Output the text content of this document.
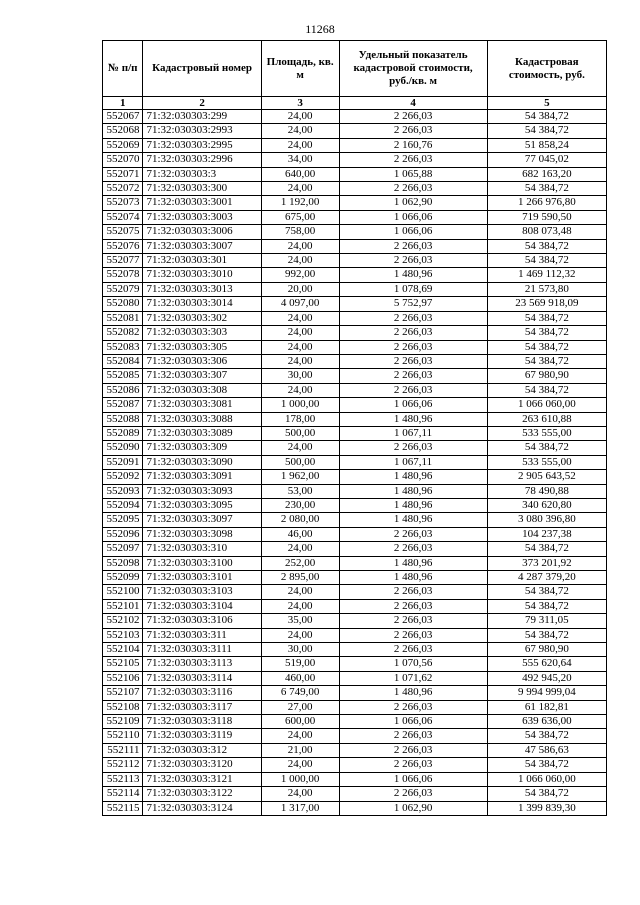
11268
№ п/п	Кадастровый номер	Площадь, кв. м	Удельный показатель кадастровой стоимости, руб./кв. м	Кадастровая стоимость, руб.
1	2	3	4	5
552067	71:32:030303:299	24,00	2 266,03	54 384,72
552068	71:32:030303:2993	24,00	2 266,03	54 384,72
552069	71:32:030303:2995	24,00	2 160,76	51 858,24
552070	71:32:030303:2996	34,00	2 266,03	77 045,02
552071	71:32:030303:3	640,00	1 065,88	682 163,20
552072	71:32:030303:300	24,00	2 266,03	54 384,72
552073	71:32:030303:3001	1 192,00	1 062,90	1 266 976,80
552074	71:32:030303:3003	675,00	1 066,06	719 590,50
552075	71:32:030303:3006	758,00	1 066,06	808 073,48
552076	71:32:030303:3007	24,00	2 266,03	54 384,72
552077	71:32:030303:301	24,00	2 266,03	54 384,72
552078	71:32:030303:3010	992,00	1 480,96	1 469 112,32
552079	71:32:030303:3013	20,00	1 078,69	21 573,80
552080	71:32:030303:3014	4 097,00	5 752,97	23 569 918,09
552081	71:32:030303:302	24,00	2 266,03	54 384,72
552082	71:32:030303:303	24,00	2 266,03	54 384,72
552083	71:32:030303:305	24,00	2 266,03	54 384,72
552084	71:32:030303:306	24,00	2 266,03	54 384,72
552085	71:32:030303:307	30,00	2 266,03	67 980,90
552086	71:32:030303:308	24,00	2 266,03	54 384,72
552087	71:32:030303:3081	1 000,00	1 066,06	1 066 060,00
552088	71:32:030303:3088	178,00	1 480,96	263 610,88
552089	71:32:030303:3089	500,00	1 067,11	533 555,00
552090	71:32:030303:309	24,00	2 266,03	54 384,72
552091	71:32:030303:3090	500,00	1 067,11	533 555,00
552092	71:32:030303:3091	1 962,00	1 480,96	2 905 643,52
552093	71:32:030303:3093	53,00	1 480,96	78 490,88
552094	71:32:030303:3095	230,00	1 480,96	340 620,80
552095	71:32:030303:3097	2 080,00	1 480,96	3 080 396,80
552096	71:32:030303:3098	46,00	2 266,03	104 237,38
552097	71:32:030303:310	24,00	2 266,03	54 384,72
552098	71:32:030303:3100	252,00	1 480,96	373 201,92
552099	71:32:030303:3101	2 895,00	1 480,96	4 287 379,20
552100	71:32:030303:3103	24,00	2 266,03	54 384,72
552101	71:32:030303:3104	24,00	2 266,03	54 384,72
552102	71:32:030303:3106	35,00	2 266,03	79 311,05
552103	71:32:030303:311	24,00	2 266,03	54 384,72
552104	71:32:030303:3111	30,00	2 266,03	67 980,90
552105	71:32:030303:3113	519,00	1 070,56	555 620,64
552106	71:32:030303:3114	460,00	1 071,62	492 945,20
552107	71:32:030303:3116	6 749,00	1 480,96	9 994 999,04
552108	71:32:030303:3117	27,00	2 266,03	61 182,81
552109	71:32:030303:3118	600,00	1 066,06	639 636,00
552110	71:32:030303:3119	24,00	2 266,03	54 384,72
552111	71:32:030303:312	21,00	2 266,03	47 586,63
552112	71:32:030303:3120	24,00	2 266,03	54 384,72
552113	71:32:030303:3121	1 000,00	1 066,06	1 066 060,00
552114	71:32:030303:3122	24,00	2 266,03	54 384,72
552115	71:32:030303:3124	1 317,00	1 062,90	1 399 839,30
